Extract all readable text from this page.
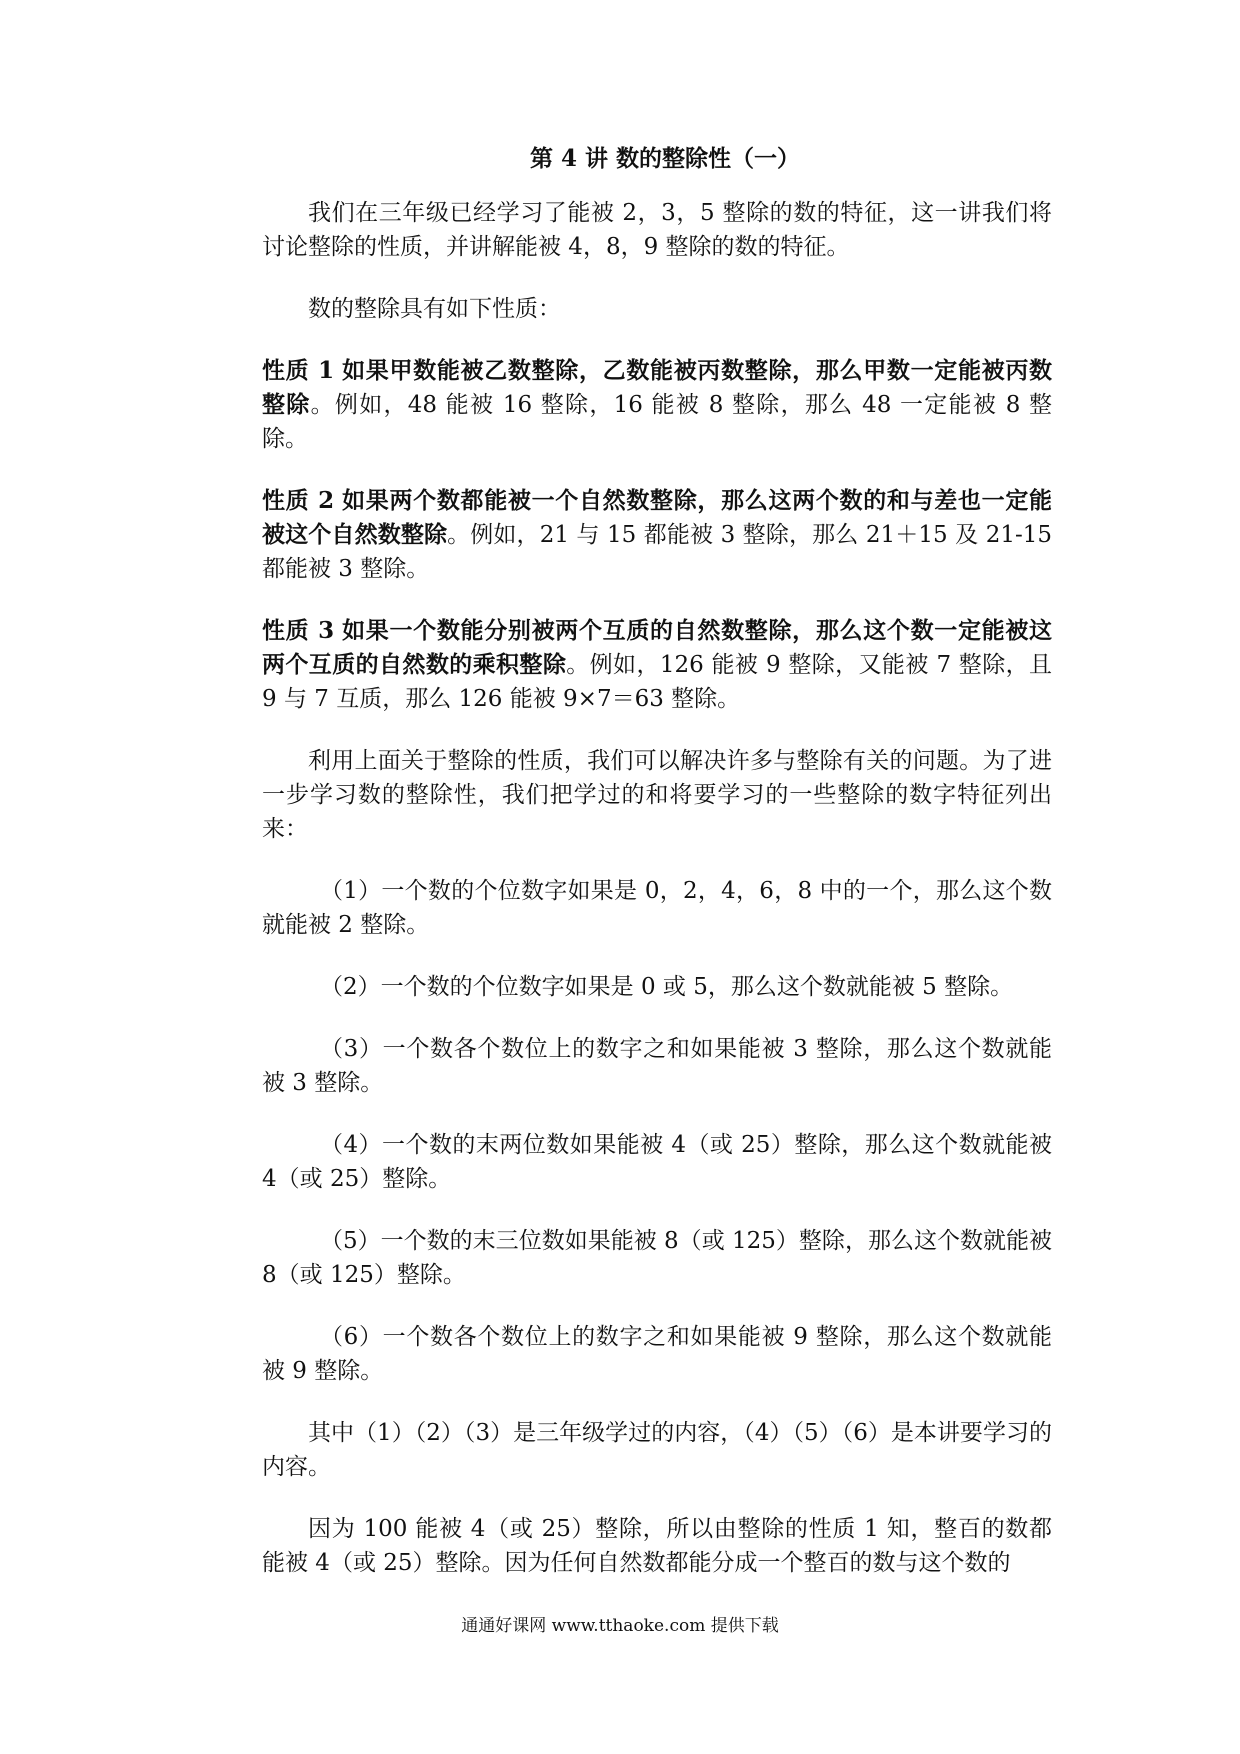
第 4 讲 数的整除性（一）

我们在三年级已经学习了能被 2，3，5 整除的数的特征，这一讲我们将讨论整除的性质，并讲解能被 4，8，9 整除的数的特征。

数的整除具有如下性质：

性质 1 如果甲数能被乙数整除，乙数能被丙数整除，那么甲数一定能被丙数整除。例如，48 能被 16 整除，16 能被 8 整除，那么 48 一定能被 8 整除。

性质 2 如果两个数都能被一个自然数整除，那么这两个数的和与差也一定能被这个自然数整除。例如，21 与 15 都能被 3 整除，那么 21＋15 及 21-15 都能被 3 整除。

性质 3 如果一个数能分别被两个互质的自然数整除，那么这个数一定能被这两个互质的自然数的乘积整除。例如，126 能被 9 整除，又能被 7 整除，且 9 与 7 互质，那么 126 能被 9×7＝63 整除。

利用上面关于整除的性质，我们可以解决许多与整除有关的问题。为了进一步学习数的整除性，我们把学过的和将要学习的一些整除的数字特征列出来：

（1）一个数的个位数字如果是 0，2，4，6，8 中的一个，那么这个数就能被 2 整除。

（2）一个数的个位数字如果是 0 或 5，那么这个数就能被 5 整除。

（3）一个数各个数位上的数字之和如果能被 3 整除，那么这个数就能被 3 整除。

（4）一个数的末两位数如果能被 4（或 25）整除，那么这个数就能被 4（或 25）整除。

（5）一个数的末三位数如果能被 8（或 125）整除，那么这个数就能被 8（或 125）整除。

（6）一个数各个数位上的数字之和如果能被 9 整除，那么这个数就能被 9 整除。

其中（1）（2）（3）是三年级学过的内容，（4）（5）（6）是本讲要学习的内容。

因为 100 能被 4（或 25）整除，所以由整除的性质 1 知，整百的数都能被 4（或 25）整除。因为任何自然数都能分成一个整百的数与这个数的

通通好课网 www.tthaoke.com 提供下载
